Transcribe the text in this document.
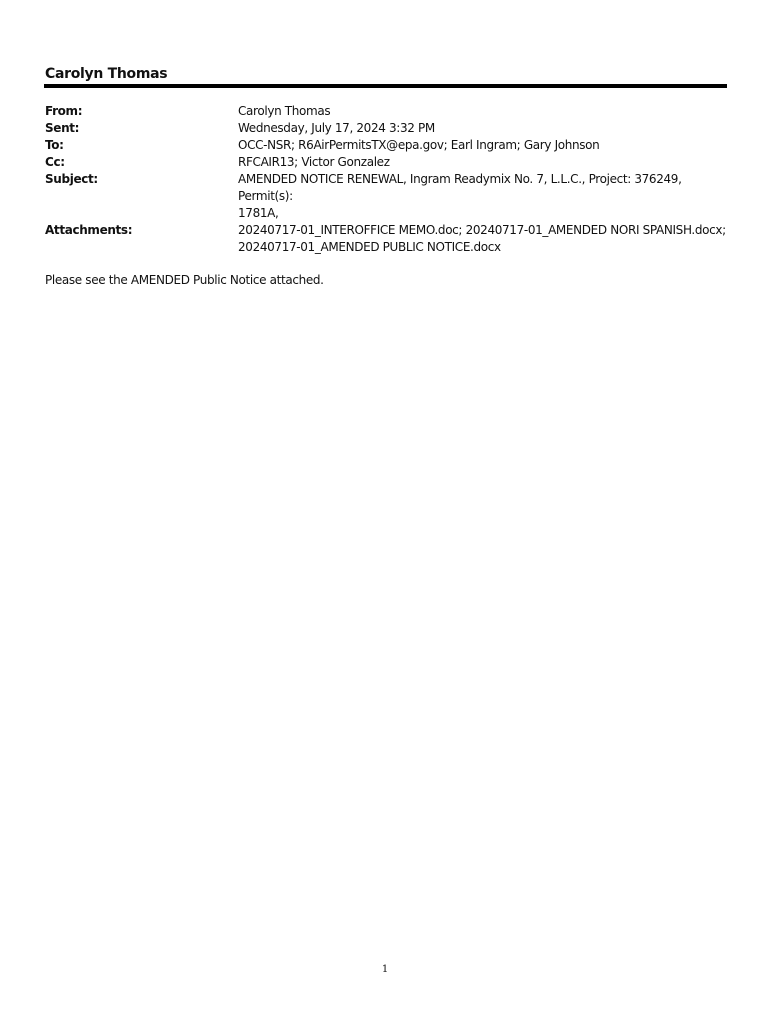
Carolyn Thomas
From:	Carolyn Thomas
Sent:	Wednesday, July 17, 2024 3:32 PM
To:	OCC-NSR; R6AirPermitsTX@epa.gov; Earl Ingram; Gary Johnson
Cc:	RFCAIR13; Victor Gonzalez
Subject:	AMENDED NOTICE RENEWAL, Ingram Readymix No. 7, L.L.C., Project: 376249, Permit(s):
1781A,
Attachments:	20240717-01_INTEROFFICE MEMO.doc; 20240717-01_AMENDED NORI SPANISH.docx;
20240717-01_AMENDED PUBLIC NOTICE.docx
Please see the AMENDED Public Notice attached.
1
